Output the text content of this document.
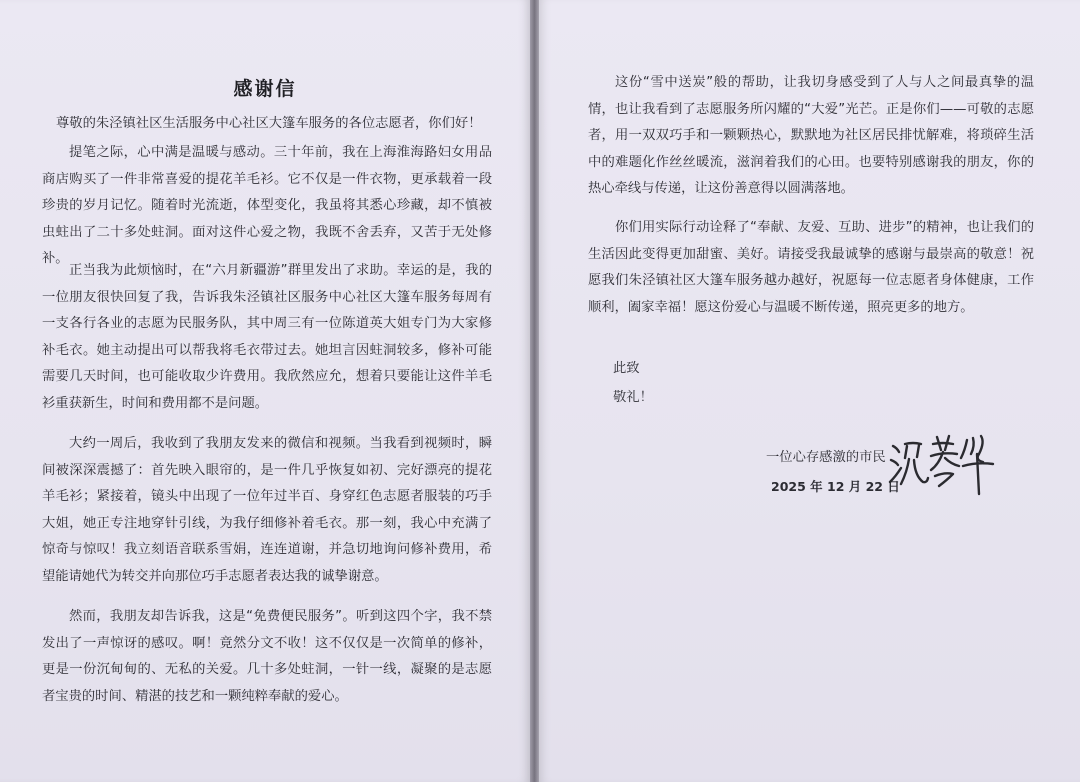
感谢信

尊敬的朱泾镇社区生活服务中心社区大篷车服务的各位志愿者，你们好！

提笔之际，心中满是温暖与感动。三十年前，我在上海淮海路妇女用品商店购买了一件非常喜爱的提花羊毛衫。它不仅是一件衣物，更承载着一段珍贵的岁月记忆。随着时光流逝，体型变化，我虽将其悉心珍藏，却不慎被虫蛀出了二十多处蛀洞。面对这件心爱之物，我既不舍丢弃，又苦于无处修补。

正当我为此烦恼时，在“六月新疆游”群里发出了求助。幸运的是，我的一位朋友很快回复了我，告诉我朱泾镇社区服务中心社区大篷车服务每周有一支各行各业的志愿为民服务队，其中周三有一位陈道英大姐专门为大家修补毛衣。她主动提出可以帮我将毛衣带过去。她坦言因蛀洞较多，修补可能需要几天时间，也可能收取少许费用。我欣然应允，想着只要能让这件羊毛衫重获新生，时间和费用都不是问题。

大约一周后，我收到了我朋友发来的微信和视频。当我看到视频时，瞬间被深深震撼了：首先映入眼帘的，是一件几乎恢复如初、完好漂亮的提花羊毛衫；紧接着，镜头中出现了一位年过半百、身穿红色志愿者服装的巧手大姐，她正专注地穿针引线，为我仔细修补着毛衣。那一刻，我心中充满了惊奇与惊叹！我立刻语音联系雪娟，连连道谢，并急切地询问修补费用，希望能请她代为转交并向那位巧手志愿者表达我的诚挚谢意。

然而，我朋友却告诉我，这是“免费便民服务”。听到这四个字，我不禁发出了一声惊讶的感叹。啊！竟然分文不收！这不仅仅是一次简单的修补，更是一份沉甸甸的、无私的关爱。几十多处蛀洞，一针一线，凝聚的是志愿者宝贵的时间、精湛的技艺和一颗纯粹奉献的爱心。

这份“雪中送炭”般的帮助，让我切身感受到了人与人之间最真挚的温情，也让我看到了志愿服务所闪耀的“大爱”光芒。正是你们——可敬的志愿者，用一双双巧手和一颗颗热心，默默地为社区居民排忧解难，将琐碎生活中的难题化作丝丝暖流，滋润着我们的心田。也要特别感谢我的朋友，你的热心牵线与传递，让这份善意得以圆满落地。

你们用实际行动诠释了“奉献、友爱、互助、进步”的精神，也让我们的生活因此变得更加甜蜜、美好。请接受我最诚挚的感谢与最崇高的敬意！祝愿我们朱泾镇社区大篷车服务越办越好，祝愿每一位志愿者身体健康，工作顺利，阖家幸福！愿这份爱心与温暖不断传递，照亮更多的地方。

此致

敬礼！

一位心存感激的市民

2025 年 12 月 22 日
